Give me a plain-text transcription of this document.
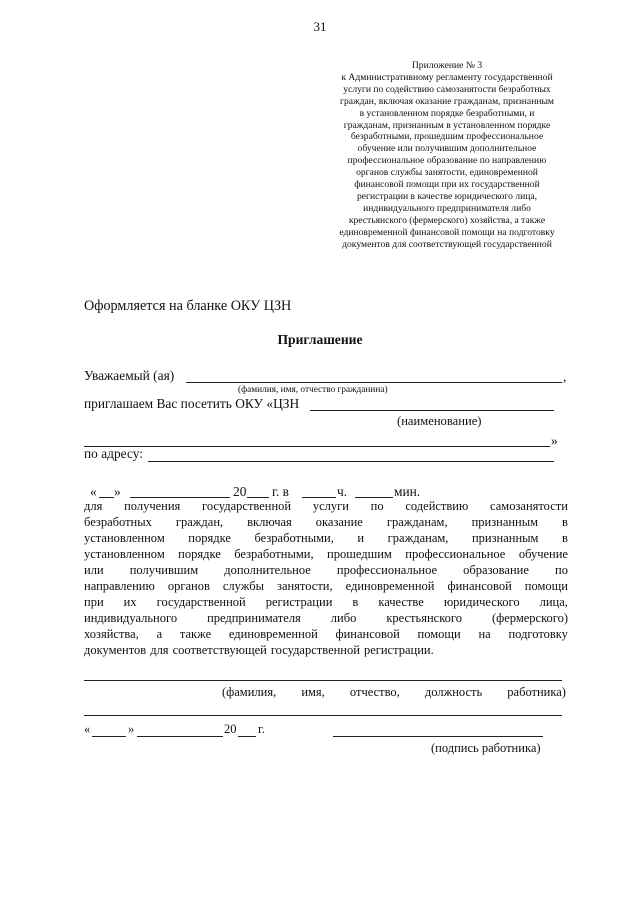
31
Приложение № 3
к Административному регламенту государственной
услуги по содействию самозанятости безработных
граждан, включая оказание гражданам, признанным
в установленном порядке безработными, и
гражданам, признанным в установленном порядке
безработными, прошедшим профессиональное
обучение или получившим дополнительное
профессиональное образование по направлению
органов службы занятости, единовременной
финансовой помощи при их государственной
регистрации в качестве юридического лица,
индивидуального предпринимателя либо
крестьянского (фермерского) хозяйства, а также
единовременной финансовой помощи на подготовку
документов для соответствующей государственной
Оформляется на бланке ОКУ ЦЗН
Приглашение
Уважаемый (ая)	,
(фамилия, имя, отчество гражданина)
приглашаем Вас посетить ОКУ «ЦЗН
(наименование)
»
по адресу:
« »	20 г. в	ч.	мин.
для получения государственной услуги по содействию самозанятости
безработных граждан, включая оказание гражданам, признанным в
установленном порядке безработными, и гражданам, признанным в
установленном порядке безработными, прошедшим профессиональное обучение
или получившим дополнительное профессиональное образование по
направлению органов службы занятости, единовременной финансовой помощи
при их государственной регистрации в качестве юридического лица,
индивидуального предпринимателя либо крестьянского (фермерского)
хозяйства, а также единовременной финансовой помощи на подготовку
документов для соответствующей государственной регистрации.
(фамилия, имя, отчество, должность работника)
«	»	20 г.
(подпись работника)
